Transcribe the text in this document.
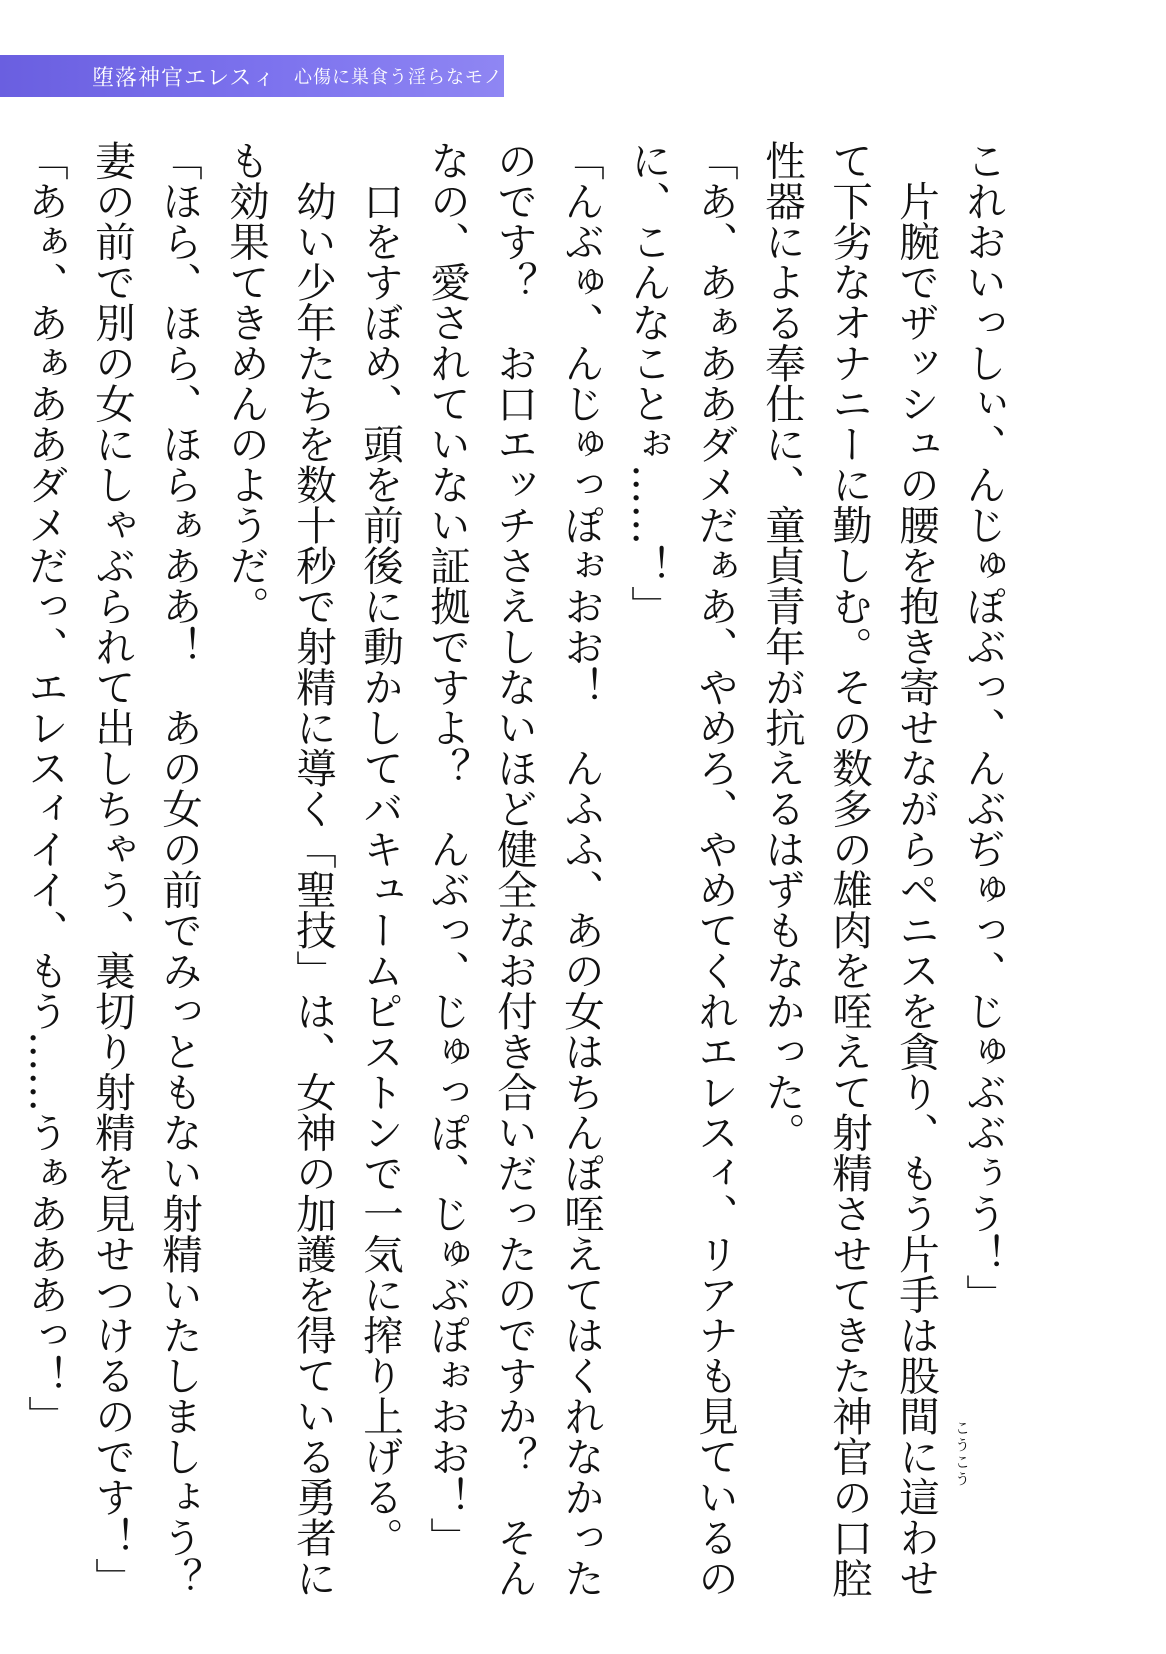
堕落神官エレスィ 心傷に巣食う淫らなモノ

これおいっしぃ、んじゅぽぶっ、んぶぢゅっ、じゅぶぶぅう！」

　片腕でザッシュの腰を抱き寄せながらペニスを貪り、もう片手は股間に這わせ

て下劣なオナニーに勤しむ。その数多の雄肉を咥えて射精させてきた神官の口腔

性器による奉仕に、童貞青年が抗えるはずもなかった。

「あ、あぁああダメだぁあ、やめろ、やめてくれエレスィ、リアナも見ているの

に、こんなことぉ……！」

「んぶゅ、んじゅっぽぉおお！　んふふ、あの女はちんぽ咥えてはくれなかった

のです？　お口エッチさえしないほど健全なお付き合いだったのですか？　そん

なの、愛されていない証拠ですよ？　んぶっ、じゅっぽ、じゅぶぽぉおお！」

　口をすぼめ、頭を前後に動かしてバキュームピストンで一気に搾り上げる。

　幼い少年たちを数十秒で射精に導く「聖技」は、女神の加護を得ている勇者に

も効果てきめんのようだ。

「ほら、ほら、ほらぁああ！　あの女の前でみっともない射精いたしましょう？

妻の前で別の女にしゃぶられて出しちゃう、裏切り射精を見せつけるのです！」

「あぁ、あぁああダメだっ、エレスィイイ、もう……うぁあああっ！」

こうこう
